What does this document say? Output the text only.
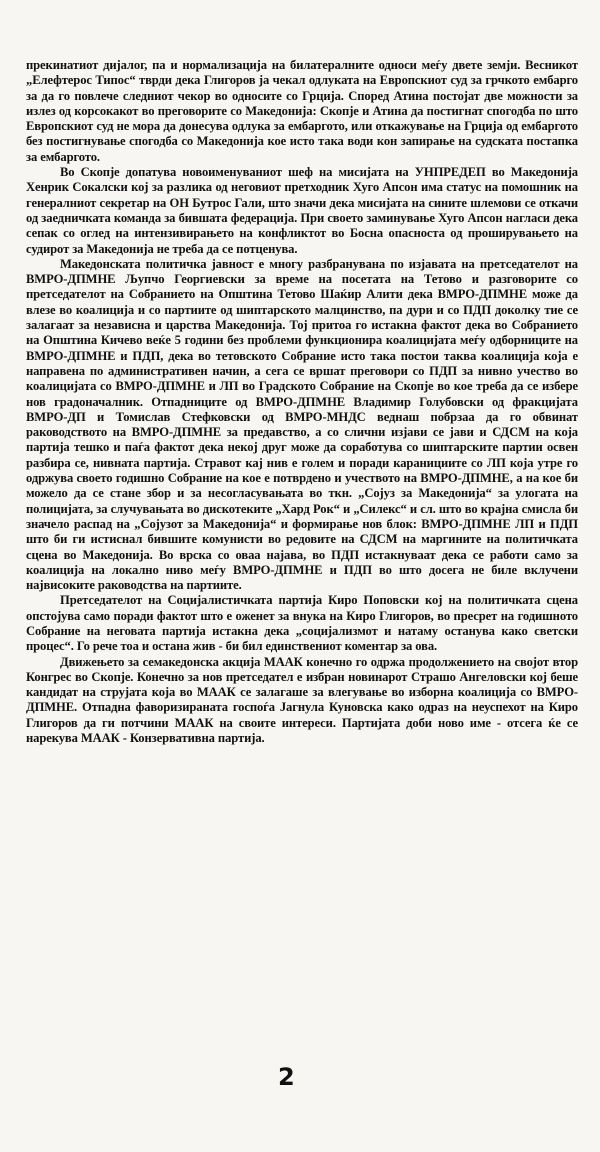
прекинатиот дијалог, па и нормализација на билатералните односи меѓу двете земји. Весникот „Елефтерос Типос“ тврди дека Глигоров ја чекал одлуката на Европскиот суд за грчкото ембарго за да го повлече следниот чекор во односите со Грција. Според Атина постојат две можности за излез од корсокакот во преговорите со Македонија: Скопје и Атина да постигнат спогодба по што Европскиот суд не мора да донесува одлука за ембаргото, или откажување на Грција од ембаргото без постигнување спогодба со Македонија кое исто така води кон запирање на судската постапка за ембаргото.

Во Скопје допатува новоименуваниот шеф на мисијата на УНПРЕДЕП во Македонија Хенрик Сокалски кој за разлика од неговиот претходник Хуго Апсон има статус на помошник на генералниот секретар на ОН Бутрос Гали, што значи дека мисијата на сините шлемови се откачи од заедничката команда за бившата федерација. При своето заминување Хуго Апсон нагласи дека сепак со оглед на интензивирањето на конфликтот во Босна опасноста од проширувањето на судирот за Македонија не треба да се потценува.

Македонската политичка јавност е многу разбрануванa по изјавата на претседателот на ВМРО-ДПМНЕ Љупчо Георгиевски за време на посетата на Тетово и разговорите со претседателот на Собранието на Општина Тетово Шаќир Алити дека ВМРО-ДПМНЕ може да влезе во коалиција и со партиите од шиптарското малцинство, па дури и со ПДП доколку тие се залагаат за независна и царства Македонија. Тој притоа го истакна фактот дека во Собранието на Општина Кичево веќе 5 години без проблеми функционира коалицијата меѓу одборниците на ВМРО-ДПМНЕ и ПДП, дека во тетовското Собрание исто така постои таква коалиција која е направена по административен начин, а сега се вршат преговори со ПДП за нивно учество во коалицијата со ВМРО-ДПМНЕ и ЛП во Градското Собрание на Скопје во кое треба да се избере нов градоначалник. Отпадниците од ВМРО-ДПМНЕ Владимир Голубовски од фракцијата ВМРО-ДП и Томислав Стефковски од ВМРО-МНДС веднаш побрзаа да го обвинат раководството на ВМРО-ДПМНЕ за предавство, а со слични изјави се јави и СДСМ на која партија тешко и паѓа фактот дека некој друг може да соработува со шиптарските партии освен разбира се, нивната партија. Стравот кај нив е голем и поради каранициите со ЛП која утре го одржува своето годишно Собрание на кое е потврдено и учеството на ВМРО-ДПМНЕ, а на кое би можело да се стане збор и за несогласувањата во ткн. „Сојуз за Македонија“ за улогата на полицијата, за случувањата во дискотеките „Хард Рок“ и „Силекс“ и сл. што во крајна смисла би значело распад на „Сојузот за Македонија“ и формирање нов блок: ВМРО-ДПМНЕ ЛП и ПДП што би ги истиснал бившите комунисти во редовите на СДСМ на маргините на политичката сцена во Македонија. Во врска со оваа најава, во ПДП истакнуваат дека се работи само за коалиција на локално ниво меѓу ВМРО-ДПМНЕ и ПДП во што досега не биле вклучени највисоките раководства на партиите.

Претседателот на Социјалистичката партија Киро Поповски кој на политичката сцена опстојува само поради фактот што е оженет за внука на Киро Глигоров, во пресрет на годишното Собрание на неговата партија истакна дека „социјализмот и натаму останува како светски процес“. Го рече тоа и остана жив - би бил единствениот коментар за ова.

Движењето за семакедонска акција МААК конечно го одржа продолжението на својот втор Конгрес во Скопје. Конечно за нов претседател е избран новинарот Страшо Ангеловски кој беше кандидат на струјата која во МААК се залагаше за влегување во изборна коалиција со ВМРО-ДПМНЕ. Отпадна фаворизираната госпоѓа Јагнула Куновска како одраз на неуспехот на Киро Глигоров да ги потчини МААК на своите интереси. Партијата доби ново име - отсега ќе се нарекува МААК - Конзервативна партија.

2
